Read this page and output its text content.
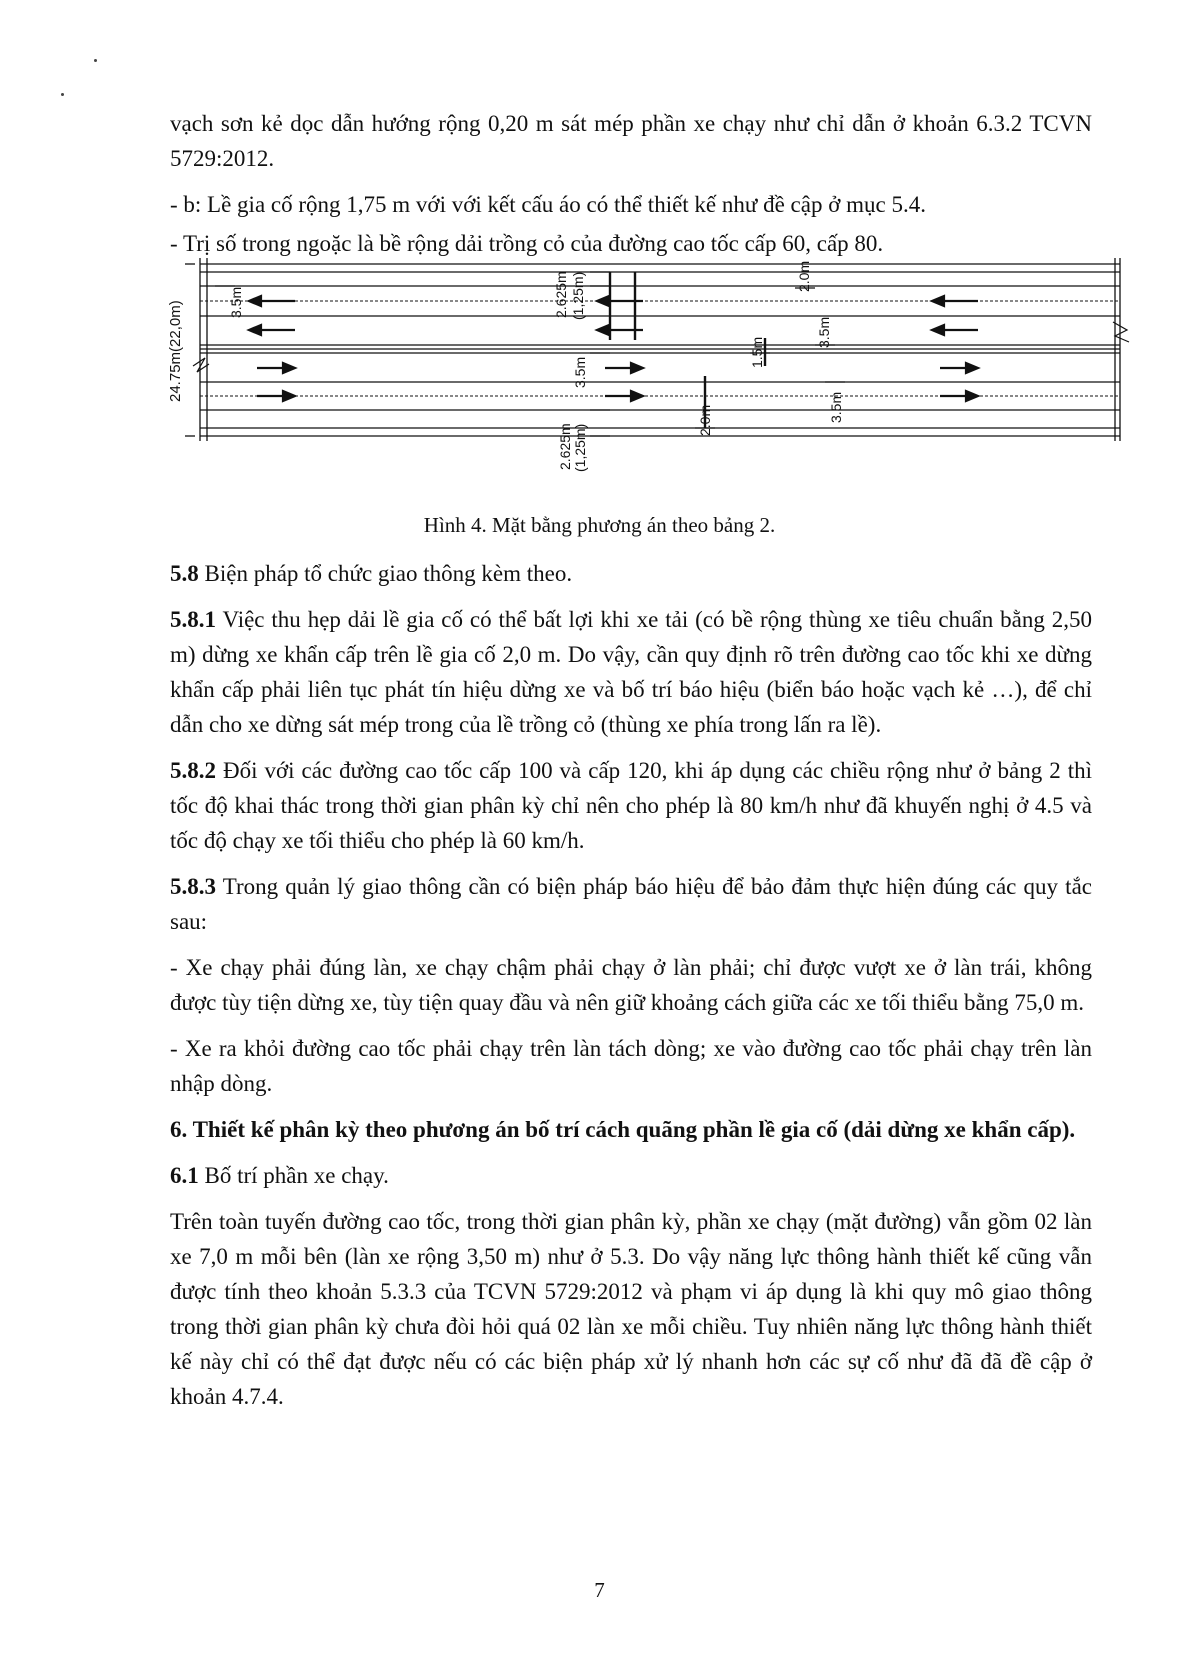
vạch sơn kẻ dọc dẫn hướng rộng 0,20 m sát mép phần xe chạy như chỉ dẫn ở khoản 6.3.2 TCVN 5729:2012.

- b: Lề gia cố rộng 1,75 m với với kết cấu áo có thể thiết kế như đề cập ở mục 5.4.

- Trị số trong ngoặc là bề rộng dải trồng cỏ của đường cao tốc cấp 60, cấp 80.

24.75m(22,0m)
2.625m (1,25m)	2.0m
3.5m
3.5m
1.5m
3.5m
3.5m
2.0m
2.625m (1,25m)
Hình 4. Mặt bằng phương án theo bảng 2.

5.8 Biện pháp tổ chức giao thông kèm theo.

5.8.1 Việc thu hẹp dải lề gia cố có thể bất lợi khi xe tải (có bề rộng thùng xe tiêu chuẩn bằng 2,50 m) dừng xe khẩn cấp trên lề gia cố 2,0 m. Do vậy, cần quy định rõ trên đường cao tốc khi xe dừng khẩn cấp phải liên tục phát tín hiệu dừng xe và bố trí báo hiệu (biển báo hoặc vạch kẻ …), để chỉ dẫn cho xe dừng sát mép trong của lề trồng cỏ (thùng xe phía trong lấn ra lề).

5.8.2 Đối với các đường cao tốc cấp 100 và cấp 120, khi áp dụng các chiều rộng như ở bảng 2 thì tốc độ khai thác trong thời gian phân kỳ chỉ nên cho phép là 80 km/h như đã khuyến nghị ở 4.5 và tốc độ chạy xe tối thiểu cho phép là 60 km/h.

5.8.3 Trong quản lý giao thông cần có biện pháp báo hiệu để bảo đảm thực hiện đúng các quy tắc sau:

- Xe chạy phải đúng làn, xe chạy chậm phải chạy ở làn phải; chỉ được vượt xe ở làn trái, không được tùy tiện dừng xe, tùy tiện quay đầu và nên giữ khoảng cách giữa các xe tối thiểu bằng 75,0 m.

- Xe ra khỏi đường cao tốc phải chạy trên làn tách dòng; xe vào đường cao tốc phải chạy trên làn nhập dòng.

6. Thiết kế phân kỳ theo phương án bố trí cách quãng phần lề gia cố (dải dừng xe khẩn cấp).

6.1 Bố trí phần xe chạy.

Trên toàn tuyến đường cao tốc, trong thời gian phân kỳ, phần xe chạy (mặt đường) vẫn gồm 02 làn xe 7,0 m mỗi bên (làn xe rộng 3,50 m) như ở 5.3. Do vậy năng lực thông hành thiết kế cũng vẫn được tính theo khoản 5.3.3 của TCVN 5729:2012 và phạm vi áp dụng là khi quy mô giao thông trong thời gian phân kỳ chưa đòi hỏi quá 02 làn xe mỗi chiều. Tuy nhiên năng lực thông hành thiết kế này chỉ có thể đạt được nếu có các biện pháp xử lý nhanh hơn các sự cố như đã đã đề cập ở khoản 4.7.4.

7
